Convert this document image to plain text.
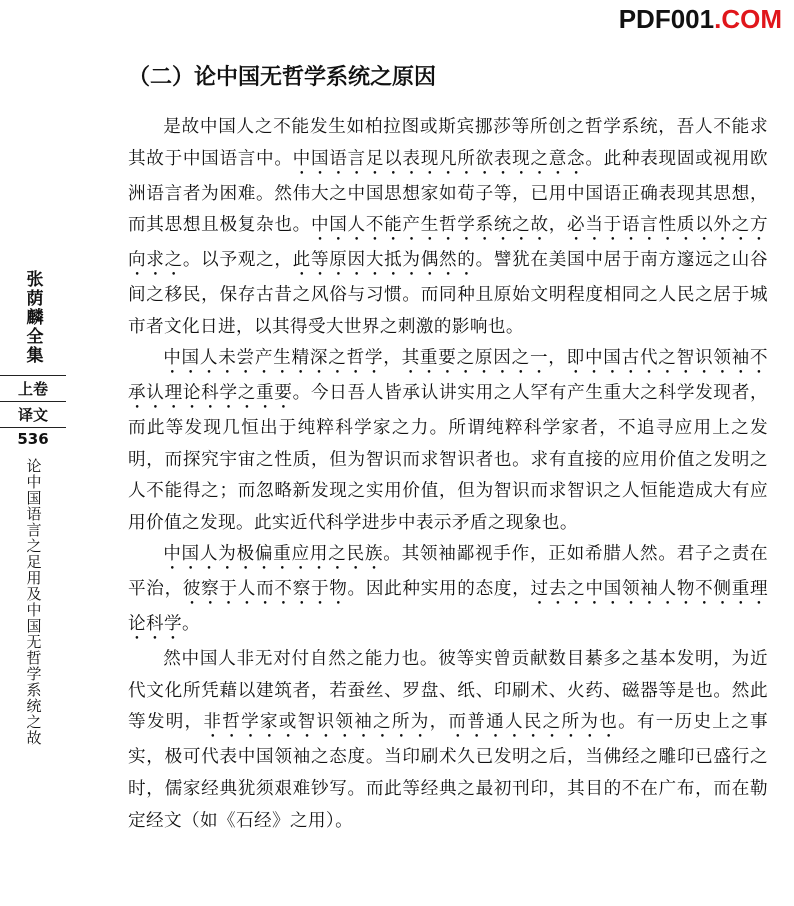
PDF001.COM
张荫麟全集
上卷
译文
536
论中国语言之足用及中国无哲学系统之故
（二）论中国无哲学系统之原因

是故中国人之不能发生如柏拉图或斯宾挪莎等所创之哲学系统，吾人不能求其故于中国语言中。中国语言足以表现凡所欲表现之意念。此种表现固或视用欧洲语言者为困难。然伟大之中国思想家如荀子等，已用中国语正确表现其思想，而其思想且极复杂也。中国人不能产生哲学系统之故，必当于语言性质以外之方向求之。以予观之，此等原因大抵为偶然的。譬犹在美国中居于南方邃远之山谷间之移民，保存古昔之风俗与习惯。而同种且原始文明程度相同之人民之居于城市者文化日进，以其得受大世界之刺激的影响也。

中国人未尝产生精深之哲学，其重要之原因之一，即中国古代之智识领袖不承认理论科学之重要。今日吾人皆承认讲实用之人罕有产生重大之科学发现者，而此等发现几恒出于纯粹科学家之力。所谓纯粹科学家者，不追寻应用上之发明，而探究宇宙之性质，但为智识而求智识者也。求有直接的应用价值之发明之人不能得之；而忽略新发现之实用价值，但为智识而求智识之人恒能造成大有应用价值之发现。此实近代科学进步中表示矛盾之现象也。

中国人为极偏重应用之民族。其领袖鄙视手作，正如希腊人然。君子之责在平治，彼察于人而不察于物。因此种实用的态度，过去之中国领袖人物不侧重理论科学。

然中国人非无对付自然之能力也。彼等实曾贡献数目綦多之基本发明，为近代文化所凭藉以建筑者，若蚕丝、罗盘、纸、印刷术、火药、磁器等是也。然此等发明，非哲学家或智识领袖之所为，而普通人民之所为也。有一历史上之事实，极可代表中国领袖之态度。当印刷术久已发明之后，当佛经之雕印已盛行之时，儒家经典犹须艰难钞写。而此等经典之最初刊印，其目的不在广布，而在勒定经文（如《石经》之用）。
